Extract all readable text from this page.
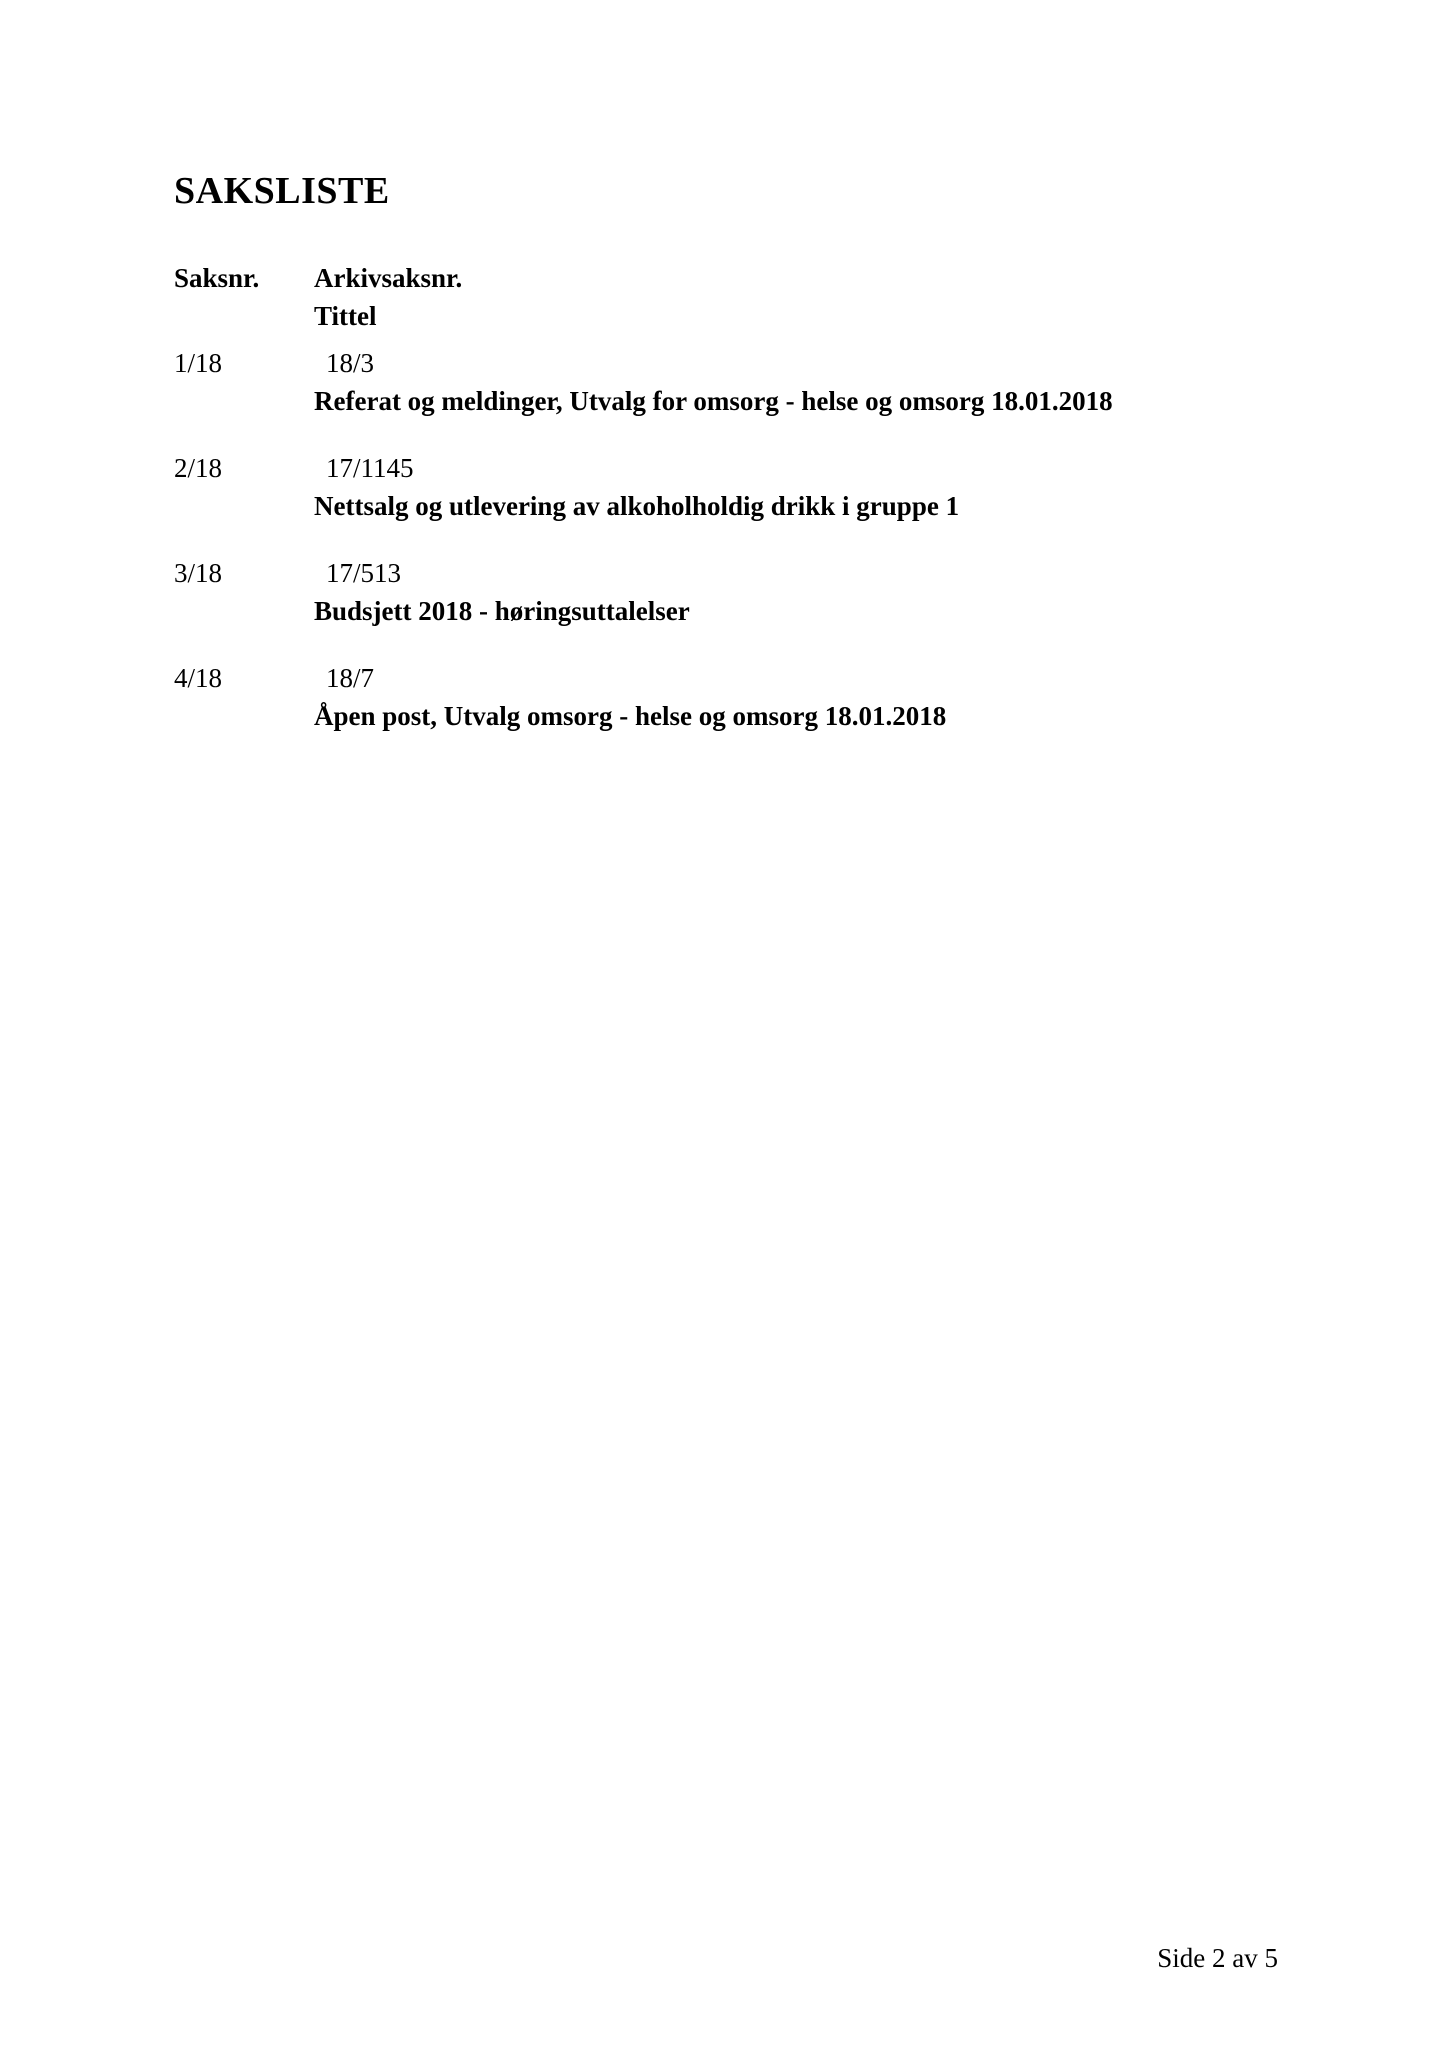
SAKSLISTE
Saksnr. Arkivsaksnr.
Tittel
1/18	18/3
Referat og meldinger, Utvalg for omsorg - helse og omsorg 18.01.2018
2/18	17/1145
Nettsalg og utlevering av alkoholholdig drikk i gruppe 1
3/18	17/513
Budsjett 2018 - høringsuttalelser
4/18	18/7
Åpen post, Utvalg omsorg - helse og omsorg 18.01.2018
Side 2 av 5
